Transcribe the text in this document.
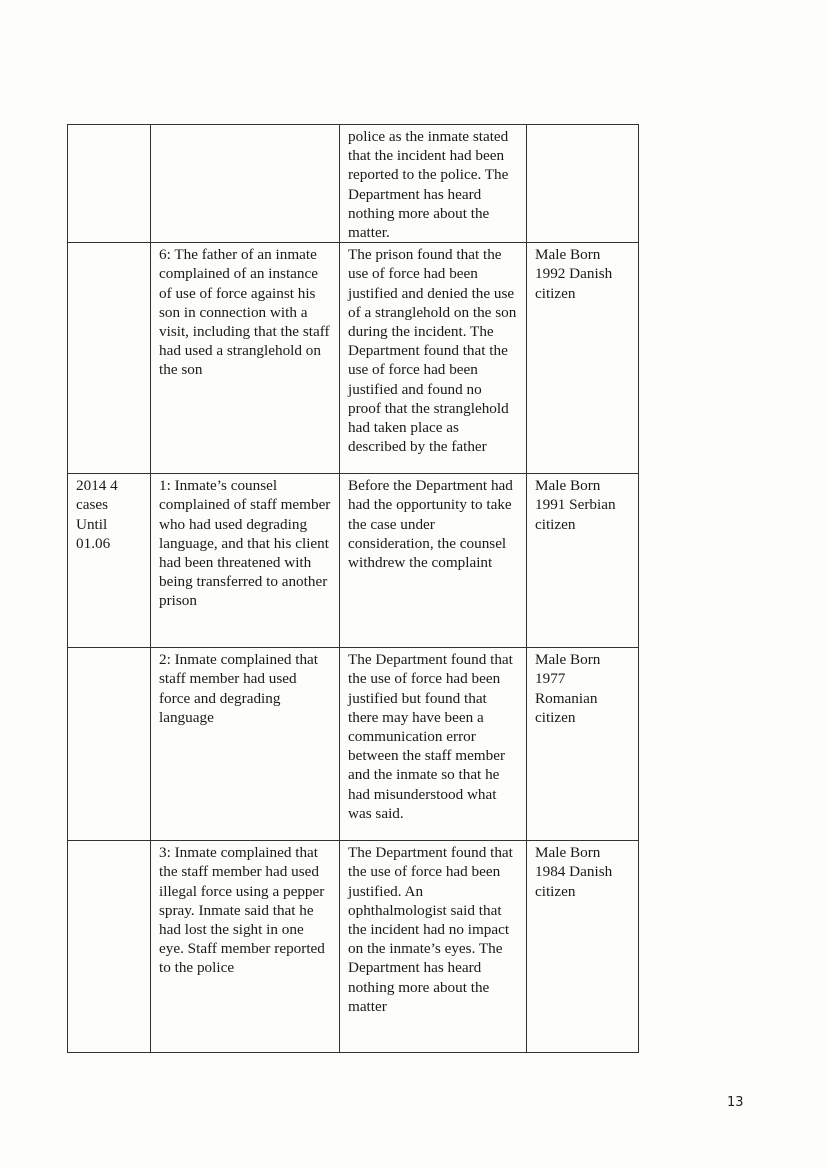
		police as the inmate stated that the incident had been reported to the police. The Department has heard nothing more about the matter.	

	6: The father of an inmate complained of an instance of use of force against his son in connection with a visit, including that the staff had used a stranglehold on the son	The prison found that the use of force had been justified and denied the use of a stranglehold on the son during the incident. The Department found that the use of force had been justified and found no proof that the stranglehold had taken place as described by the father	Male Born 1992 Danish citizen

2014 4 cases Until 01.06	1: Inmate’s counsel complained of staff member who had used degrading language, and that his client had been threatened with being transferred to another prison	Before the Department had had the opportunity to take the case under consideration, the counsel withdrew the complaint	Male Born 1991 Serbian citizen

	2: Inmate complained that staff member had used force and degrading language	The Department found that the use of force had been justified but found that there may have been a communication error between the staff member and the inmate so that he had misunderstood what was said.	Male Born 1977 Romanian citizen

	3: Inmate complained that the staff member had used illegal force using a pepper spray. Inmate said that he had lost the sight in one eye. Staff member reported to the police	The Department found that the use of force had been justified. An ophthalmologist said that the incident had no impact on the inmate’s eyes. The Department has heard nothing more about the matter	Male Born 1984 Danish citizen
13
